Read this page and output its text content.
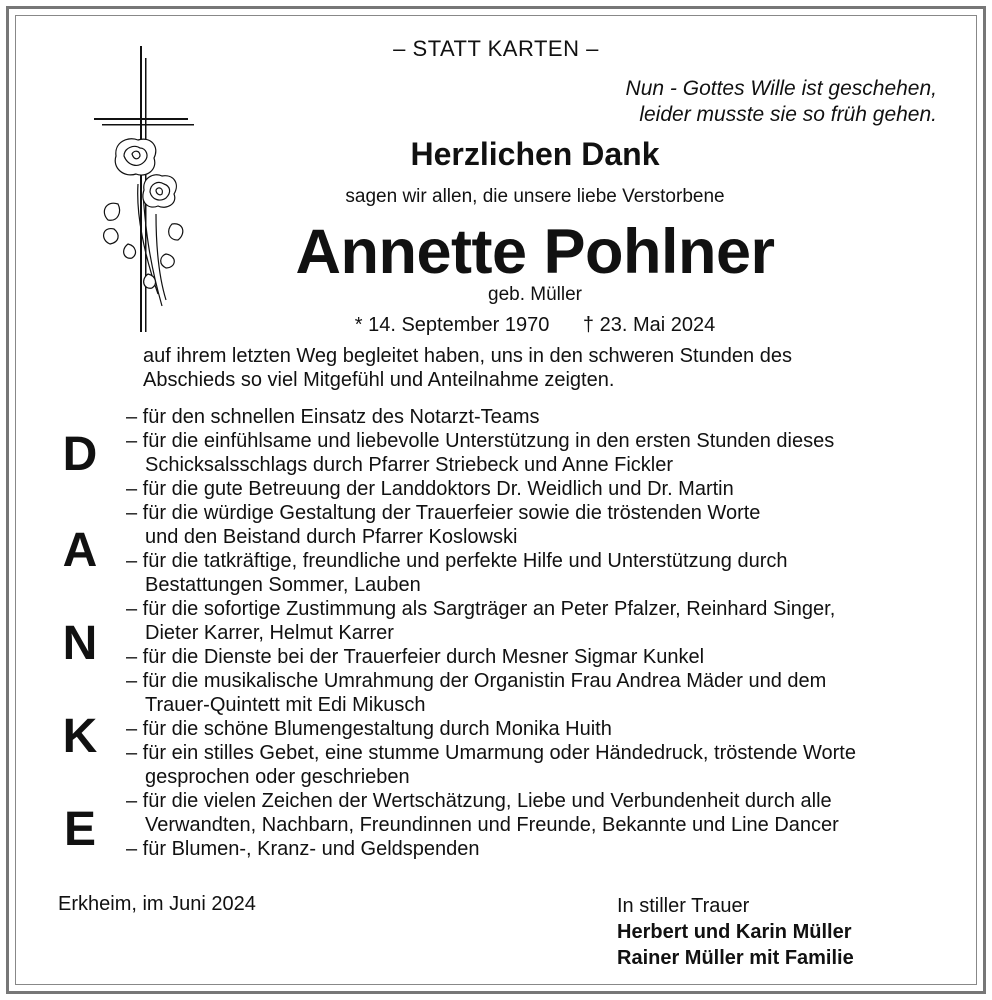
– STATT KARTEN –
Nun - Gottes Wille ist geschehen,
leider musste sie so früh gehen.
Herzlichen Dank
sagen wir allen, die unsere liebe Verstorbene
Annette Pohlner
geb. Müller
* 14. September 1970 † 23. Mai 2024
auf ihrem letzten Weg begleitet haben, uns in den schweren Stunden des
Abschieds so viel Mitgefühl und Anteilnahme zeigten.
D
A
N
K
E
– für den schnellen Einsatz des Notarzt-Teams
– für die einfühlsame und liebevolle Unterstützung in den ersten Stunden dieses
Schicksalsschlags durch Pfarrer Striebeck und Anne Fickler
– für die gute Betreuung der Landdoktors Dr. Weidlich und Dr. Martin
– für die würdige Gestaltung der Trauerfeier sowie die tröstenden Worte
und den Beistand durch Pfarrer Koslowski
– für die tatkräftige, freundliche und perfekte Hilfe und Unterstützung durch
Bestattungen Sommer, Lauben
– für die sofortige Zustimmung als Sargträger an Peter Pfalzer, Reinhard Singer,
Dieter Karrer, Helmut Karrer
– für die Dienste bei der Trauerfeier durch Mesner Sigmar Kunkel
– für die musikalische Umrahmung der Organistin Frau Andrea Mäder und dem
Trauer-Quintett mit Edi Mikusch
– für die schöne Blumengestaltung durch Monika Huith
– für ein stilles Gebet, eine stumme Umarmung oder Händedruck, tröstende Worte
gesprochen oder geschrieben
– für die vielen Zeichen der Wertschätzung, Liebe und Verbundenheit durch alle
Verwandten, Nachbarn, Freundinnen und Freunde, Bekannte und Line Dancer
– für Blumen-, Kranz- und Geldspenden
Erkheim, im Juni 2024	In stiller Trauer
Herbert und Karin Müller
Rainer Müller mit Familie
